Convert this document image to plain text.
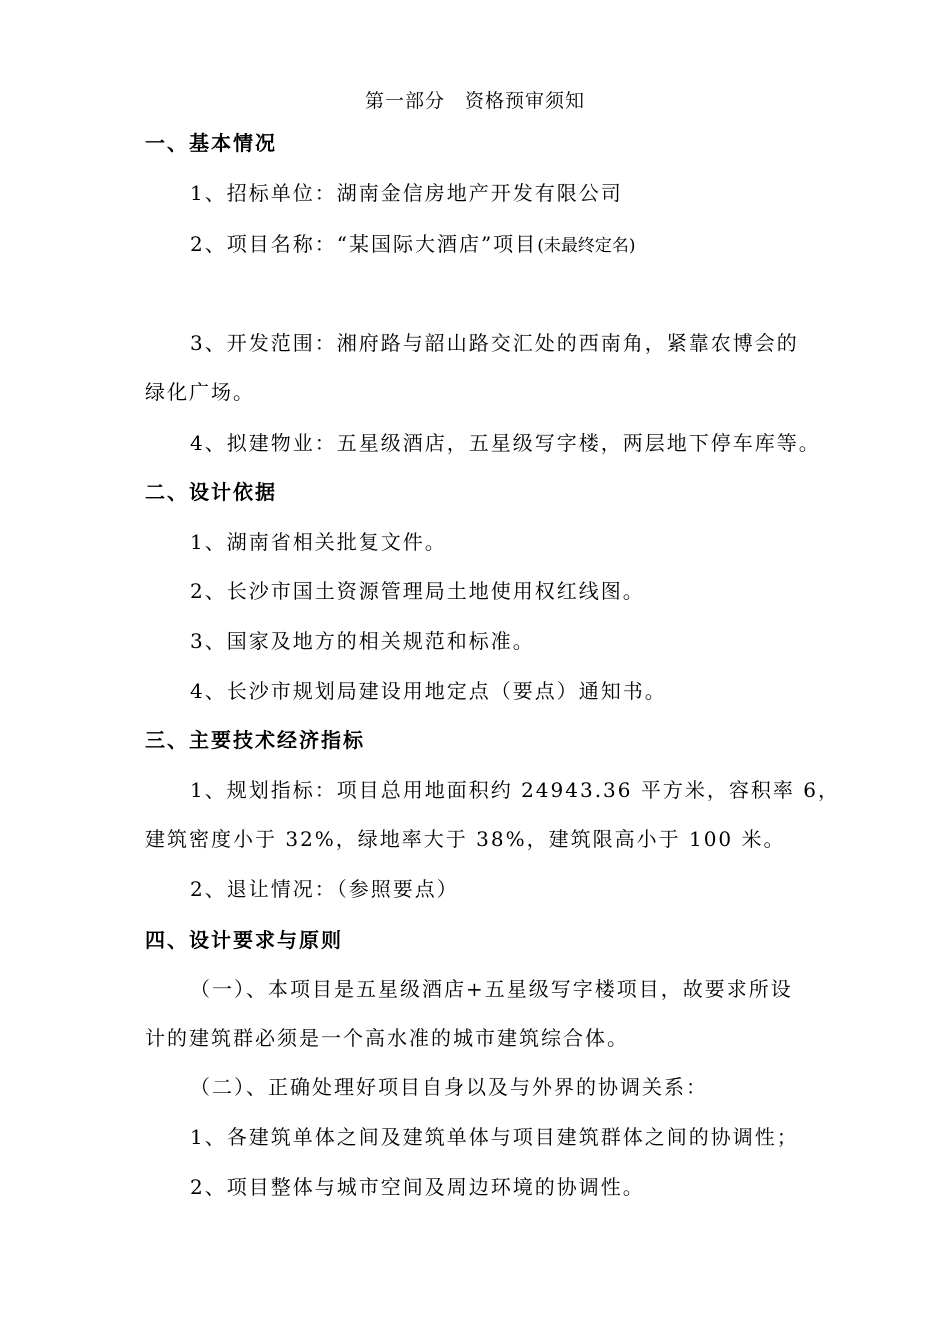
第一部分　资格预审须知
一、基本情况
1、招标单位：湖南金信房地产开发有限公司
2、项目名称：“某国际大酒店”项目(未最终定名)
3、开发范围：湘府路与韶山路交汇处的西南角，紧靠农博会的
绿化广场。
4、拟建物业：五星级酒店，五星级写字楼，两层地下停车库等。
二、设计依据
1、湖南省相关批复文件。
2、长沙市国土资源管理局土地使用权红线图。
3、国家及地方的相关规范和标准。
4、长沙市规划局建设用地定点（要点）通知书。
三、主要技术经济指标
1、规划指标：项目总用地面积约 24943.36 平方米，容积率 6，
建筑密度小于 32%，绿地率大于 38%，建筑限高小于 100 米。
2、退让情况：（参照要点）
四、设计要求与原则
（一）、本项目是五星级酒店+五星级写字楼项目，故要求所设
计的建筑群必须是一个高水准的城市建筑综合体。
（二）、正确处理好项目自身以及与外界的协调关系：
1、各建筑单体之间及建筑单体与项目建筑群体之间的协调性；
2、项目整体与城市空间及周边环境的协调性。
